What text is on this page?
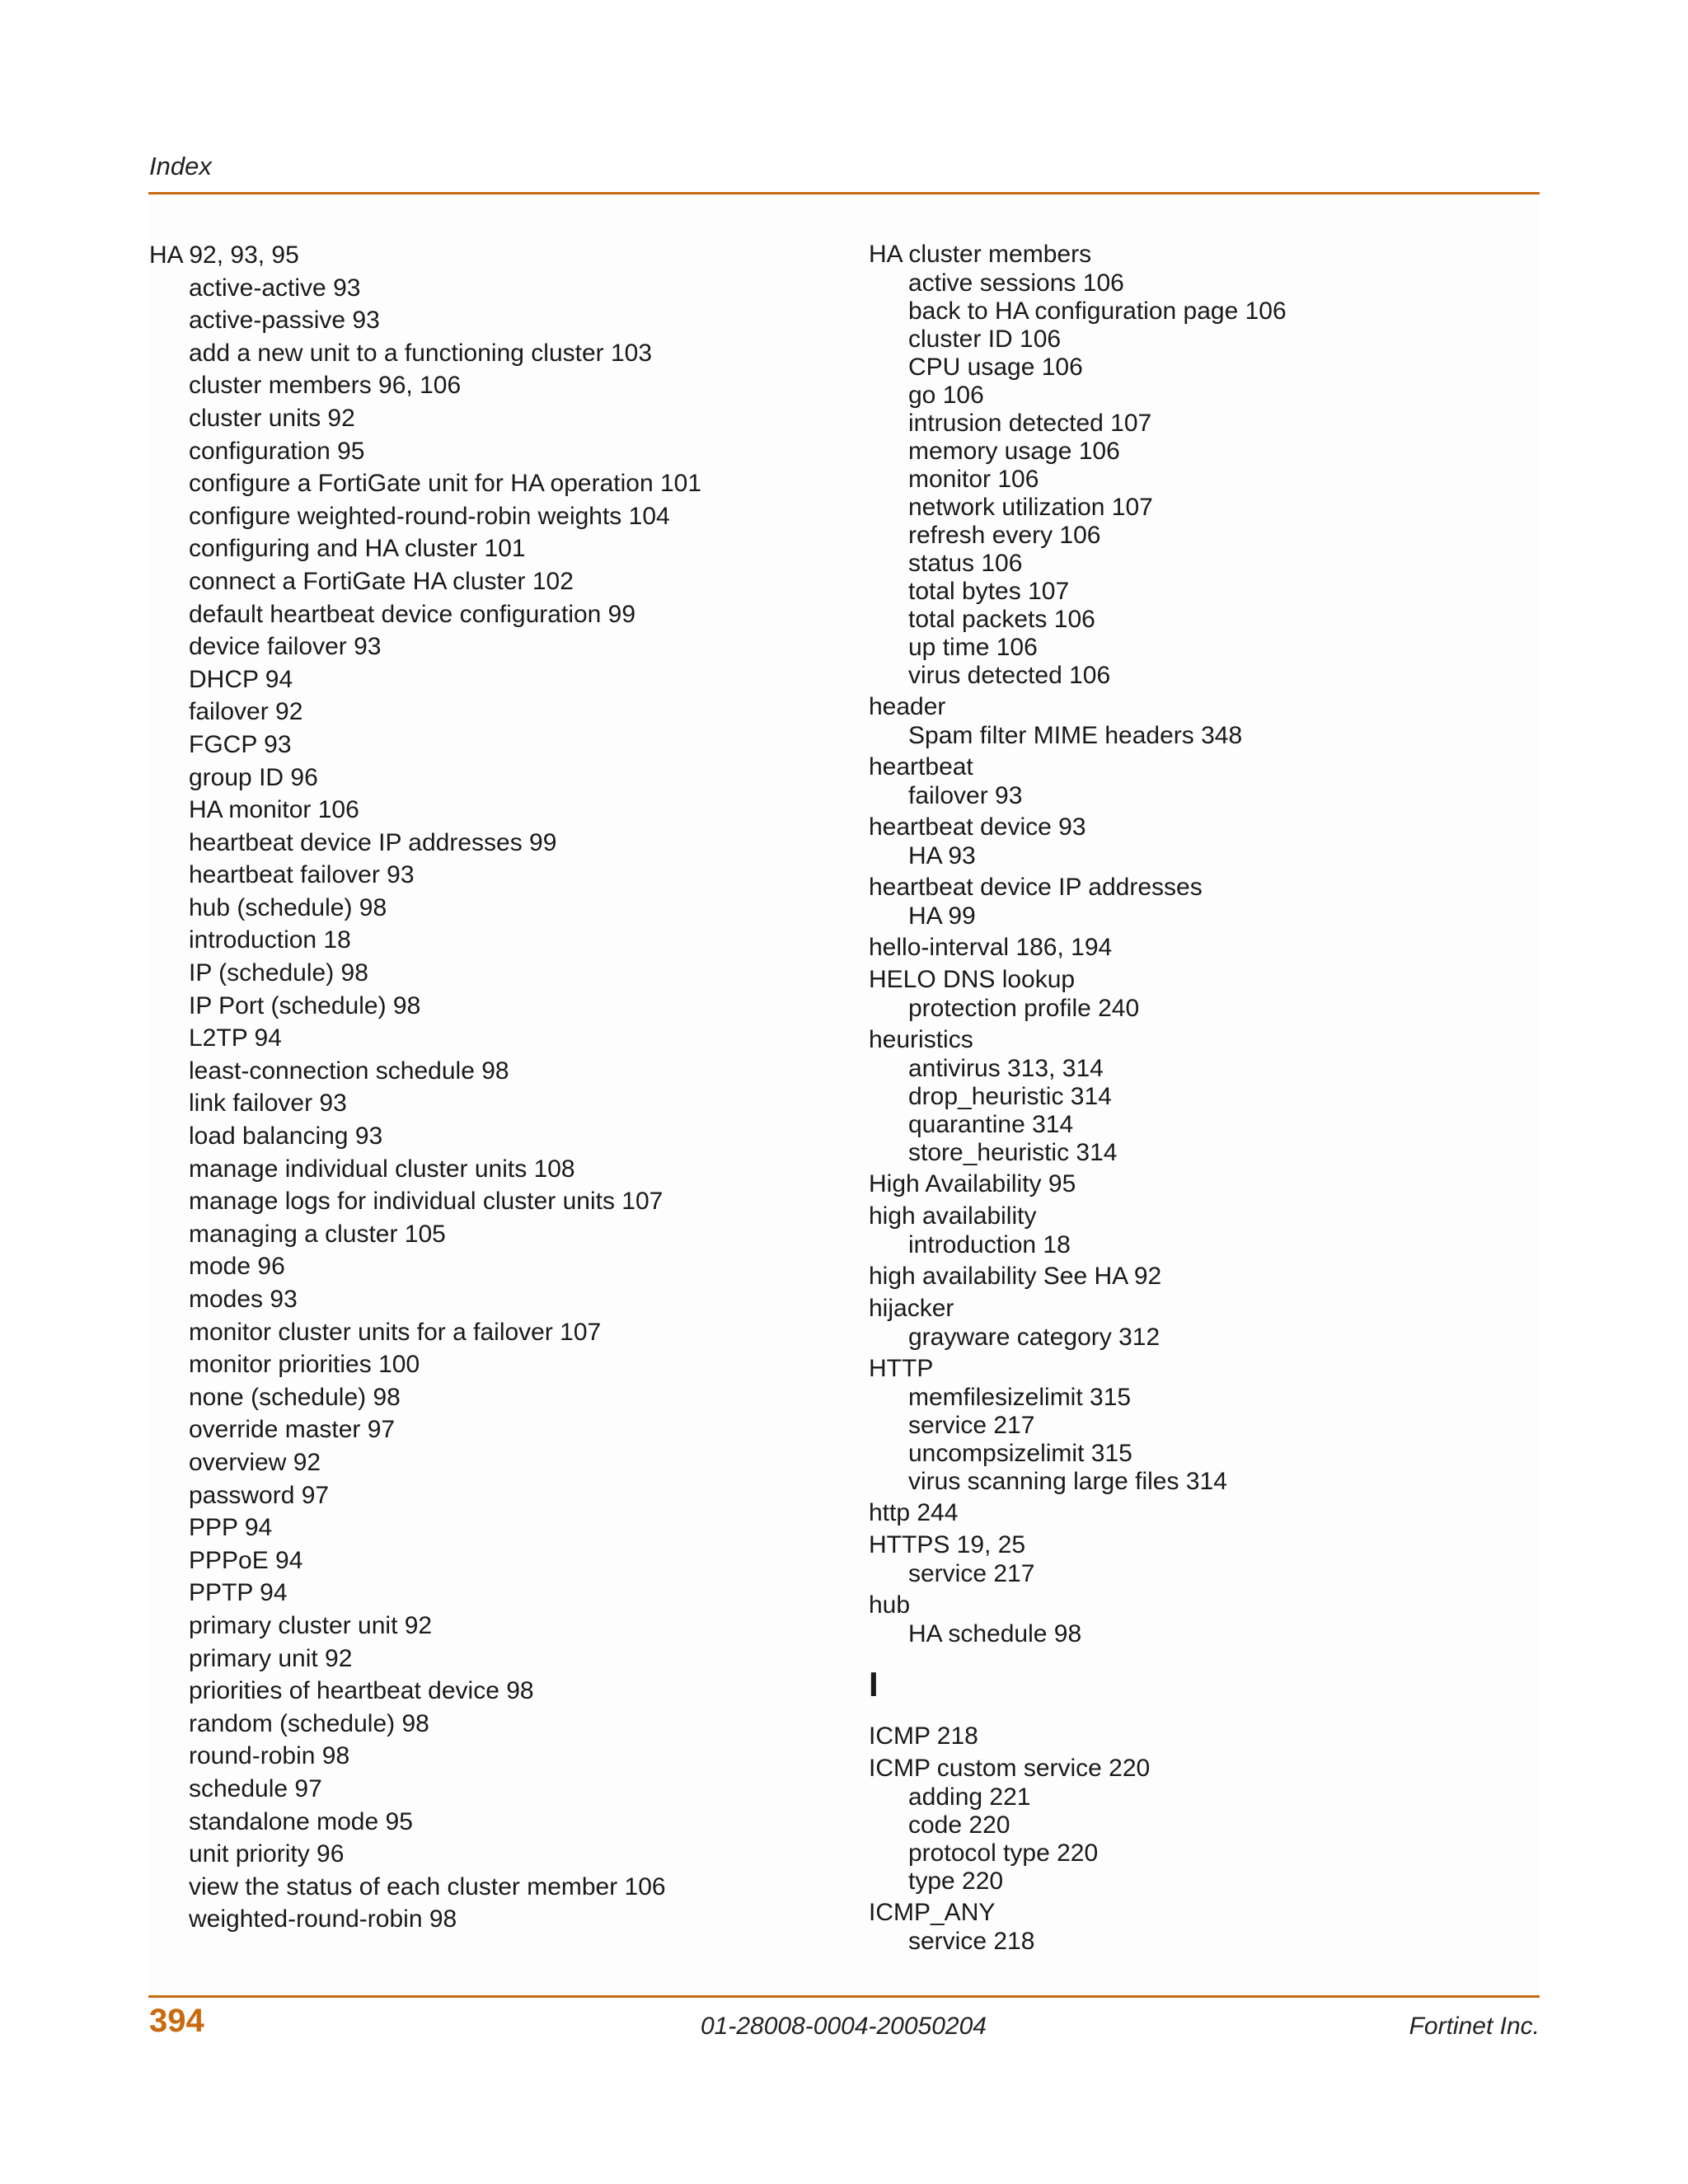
Index
HA 92, 93, 95
active-active 93
active-passive 93
add a new unit to a functioning cluster 103
cluster members 96, 106
cluster units 92
configuration 95
configure a FortiGate unit for HA operation 101
configure weighted-round-robin weights 104
configuring and HA cluster 101
connect a FortiGate HA cluster 102
default heartbeat device configuration 99
device failover 93
DHCP 94
failover 92
FGCP 93
group ID 96
HA monitor 106
heartbeat device IP addresses 99
heartbeat failover 93
hub (schedule) 98
introduction 18
IP (schedule) 98
IP Port (schedule) 98
L2TP 94
least-connection schedule 98
link failover 93
load balancing 93
manage individual cluster units 108
manage logs for individual cluster units 107
managing a cluster 105
mode 96
modes 93
monitor cluster units for a failover 107
monitor priorities 100
none (schedule) 98
override master 97
overview 92
password 97
PPP 94
PPPoE 94
PPTP 94
primary cluster unit 92
primary unit 92
priorities of heartbeat device 98
random (schedule) 98
round-robin 98
schedule 97
standalone mode 95
unit priority 96
view the status of each cluster member 106
weighted-round-robin 98
HA cluster members
active sessions 106
back to HA configuration page 106
cluster ID 106
CPU usage 106
go 106
intrusion detected 107
memory usage 106
monitor 106
network utilization 107
refresh every 106
status 106
total bytes 107
total packets 106
up time 106
virus detected 106
header
Spam filter MIME headers 348
heartbeat
failover 93
heartbeat device 93
HA 93
heartbeat device IP addresses
HA 99
hello-interval 186, 194
HELO DNS lookup
protection profile 240
heuristics
antivirus 313, 314
drop_heuristic 314
quarantine 314
store_heuristic 314
High Availability 95
high availability
introduction 18
high availability See HA 92
hijacker
grayware category 312
HTTP
memfilesizelimit 315
service 217
uncompsizelimit 315
virus scanning large files 314
http 244
HTTPS 19, 25
service 217
hub
HA schedule 98
I
ICMP 218
ICMP custom service 220
adding 221
code 220
protocol type 220
type 220
ICMP_ANY
service 218
394	01-28008-0004-20050204	Fortinet Inc.
